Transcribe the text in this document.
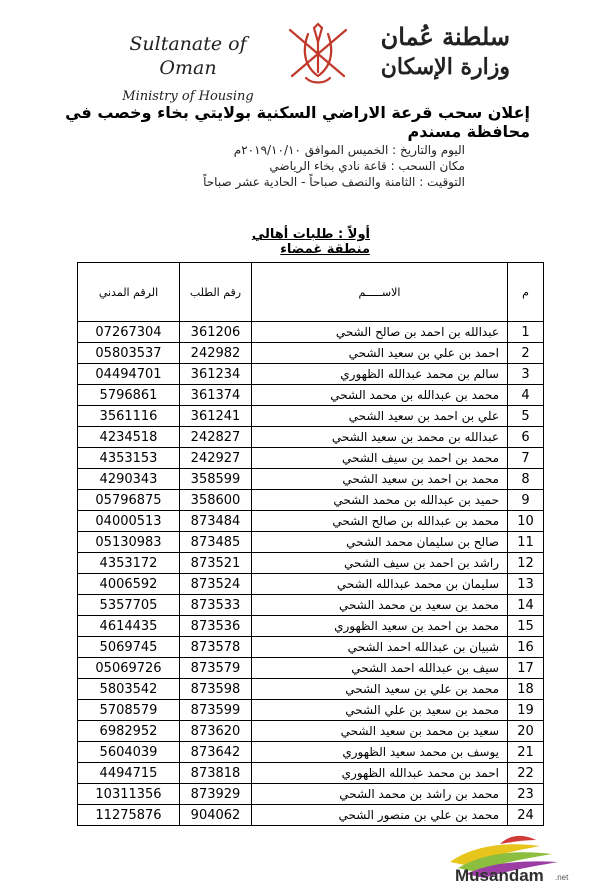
Sultanate of Oman
Ministry of Housing
سلطنة عُمان
وزارة الإسكان
إعلان سحب قرعة الاراضي السكنية بولايتي بخاء وخصب في محافظة مسندم
اليوم والتاريخ : الخميس الموافق ٢٠١٩/١٠/١٠م
مكان السحب : قاعة نادي بخاء الرياضي
التوقيت : الثامنة والنصف صباحاً - الحادية عشر صباحاً
أولاً : طلبات أهالي منطقة غمضاء
الرقم المدني	رقم الطلب	الاســـــم	م
07267304	361206	عبدالله بن احمد بن صالح الشحي	1
05803537	242982	احمد بن علي بن سعيد الشحي	2
04494701	361234	سالم بن محمد عبدالله الظهوري	3
5796861	361374	محمد بن عبدالله بن محمد الشحي	4
3561116	361241	علي بن احمد بن سعيد الشحي	5
4234518	242827	عبدالله بن محمد بن سعيد الشحي	6
4353153	242927	محمد بن احمد بن سيف الشحي	7
4290343	358599	محمد بن احمد بن سعيد الشحي	8
05796875	358600	حميد بن عبدالله بن محمد الشحي	9
04000513	873484	محمد بن عبدالله بن صالح الشحي	10
05130983	873485	صالح بن سليمان محمد الشحي	11
4353172	873521	راشد بن احمد بن سيف الشحي	12
4006592	873524	سليمان بن محمد عبدالله الشحي	13
5357705	873533	محمد بن سعيد بن محمد الشحي	14
4614435	873536	محمد بن احمد بن سعيد الظهوري	15
5069745	873578	شبيان بن عبدالله احمد الشحي	16
05069726	873579	سيف بن عبدالله احمد الشحي	17
5803542	873598	محمد بن علي بن سعيد الشحي	18
5708579	873599	محمد بن سعيد بن علي الشحي	19
6982952	873620	سعيد بن محمد بن سعيد الشحي	20
5604039	873642	يوسف بن محمد سعيد الظهوري	21
4494715	873818	احمد بن محمد عبدالله الظهوري	22
10311356	873929	محمد بن راشد بن محمد الشحي	23
11275876	904062	محمد بن علي بن منصور الشحي	24
Musandam .net
